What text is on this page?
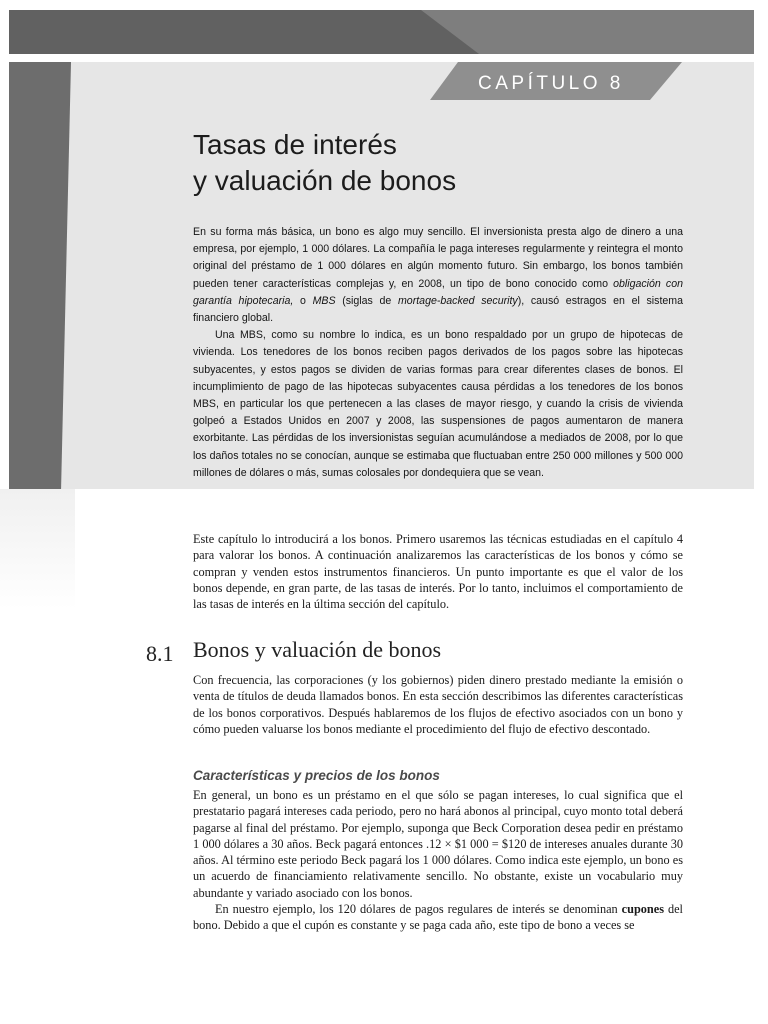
CAPÍTULO 8
Tasas de interés
y valuación de bonos

En su forma más básica, un bono es algo muy sencillo. El inversionista presta algo de dinero a una empresa, por ejemplo, 1 000 dólares. La compañía le paga intereses regularmente y reintegra el monto original del préstamo de 1 000 dólares en algún momento futuro. Sin embargo, los bonos también pueden tener características complejas y, en 2008, un tipo de bono conocido como obligación con garantía hipotecaria, o MBS (siglas de mortage-backed security), causó estragos en el sistema financiero global.

Una MBS, como su nombre lo indica, es un bono respaldado por un grupo de hipotecas de vivienda. Los tenedores de los bonos reciben pagos derivados de los pagos sobre las hipotecas subyacentes, y estos pagos se dividen de varias formas para crear diferentes clases de bonos. El incumplimiento de pago de las hipotecas subyacentes causa pérdidas a los tenedores de los bonos MBS, en particular los que pertenecen a las clases de mayor riesgo, y cuando la crisis de vivienda golpeó a Estados Unidos en 2007 y 2008, las suspensiones de pagos aumentaron de manera exorbitante. Las pérdidas de los inversionistas seguían acumulándose a mediados de 2008, por lo que los daños totales no se conocían, aunque se estimaba que fluctuaban entre 250 000 millones y 500 000 millones de dólares o más, sumas colosales por dondequiera que se vean.

Este capítulo lo introducirá a los bonos. Primero usaremos las técnicas estudiadas en el capítulo 4 para valorar los bonos. A continuación analizaremos las características de los bonos y cómo se compran y venden estos instrumentos financieros. Un punto importante es que el valor de los bonos depende, en gran parte, de las tasas de interés. Por lo tanto, incluimos el comportamiento de las tasas de interés en la última sección del capítulo.

8.1 Bonos y valuación de bonos

Con frecuencia, las corporaciones (y los gobiernos) piden dinero prestado mediante la emisión o venta de títulos de deuda llamados bonos. En esta sección describimos las diferentes características de los bonos corporativos. Después hablaremos de los flujos de efectivo asociados con un bono y cómo pueden valuarse los bonos mediante el procedimiento del flujo de efectivo descontado.

Características y precios de los bonos

En general, un bono es un préstamo en el que sólo se pagan intereses, lo cual significa que el prestatario pagará intereses cada periodo, pero no hará abonos al principal, cuyo monto total deberá pagarse al final del préstamo. Por ejemplo, suponga que Beck Corporation desea pedir en préstamo 1 000 dólares a 30 años. Beck pagará entonces .12 × $1 000 = $120 de intereses anuales durante 30 años. Al término este periodo Beck pagará los 1 000 dólares. Como indica este ejemplo, un bono es un acuerdo de financiamiento relativamente sencillo. No obstante, existe un vocabulario muy abundante y variado asociado con los bonos.

En nuestro ejemplo, los 120 dólares de pagos regulares de interés se denominan cupones del bono. Debido a que el cupón es constante y se paga cada año, este tipo de bono a veces se
